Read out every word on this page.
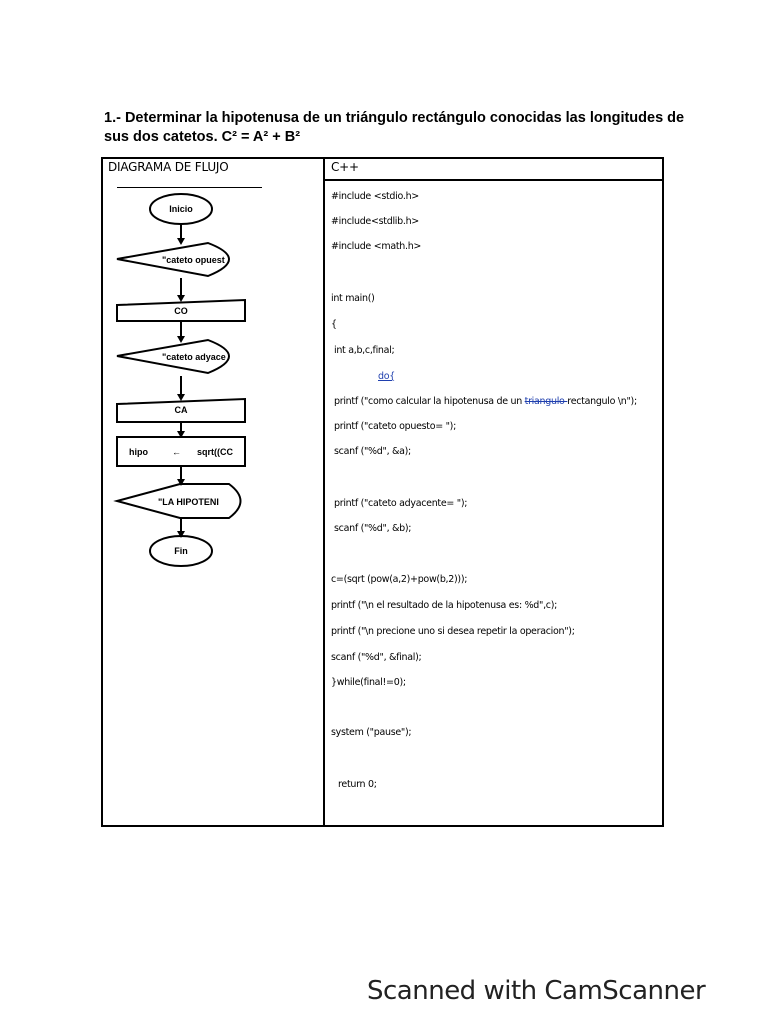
1.- Determinar la hipotenusa de un triángulo rectángulo conocidas las longitudes de
sus dos catetos. C² = A² + B²
DIAGRAMA DE FLUJO	C++
Inicio
"cateto opuest
CO
"cateto adyace
CA
hipo	← sqrt((CC
"LA HIPOTENI
Fin
#include <stdio.h>
#include<stdlib.h>
#include <math.h>
int main()
{
int a,b,c,final;
do{
printf ("como calcular la hipotenusa de un triangulo rectangulo \n");
printf ("cateto opuesto= ");
scanf ("%d", &a);
printf ("cateto adyacente= ");
scanf ("%d", &b);
c=(sqrt (pow(a,2)+pow(b,2)));
printf ("\n el resultado de la hipotenusa es: %d",c);
printf ("\n precione uno si desea repetir la operacion");
scanf ("%d", &final);
}while(final!=0);
system ("pause");
return 0;
Scanned with CamScanner
